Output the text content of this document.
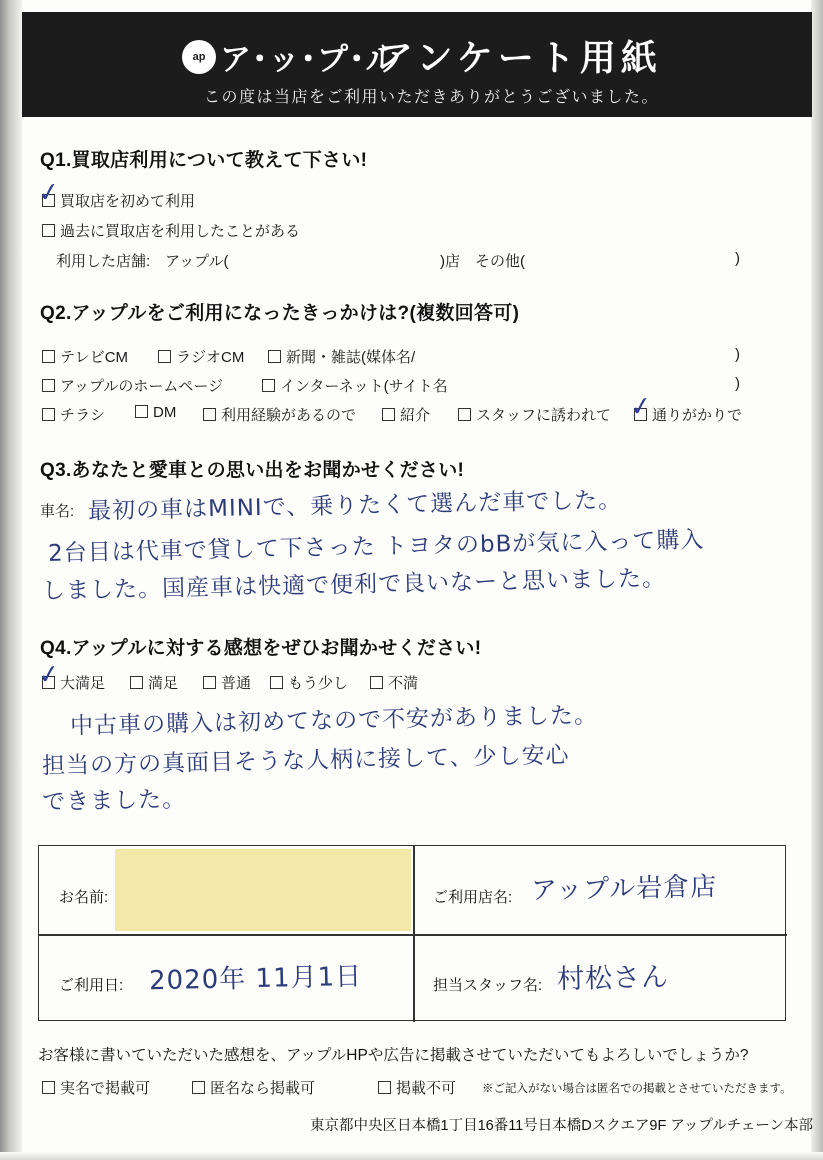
ap ア･ッ･プ･ル
アンケート用紙
この度は当店をご利用いただきありがとうございました。
Q1.買取店利用について教えて下さい!
買取店を初めて利用
✓
過去に買取店を利用したことがある
利用した店舗:　アップル(	)店　その他(	)
Q2.アップルをご利用になったきっかけは?(複数回答可)
テレビCM	ラジオCM	新聞・雑誌(媒体名/	)
アップルのホームページ	インターネット(サイト名	)
チラシ	DM	利用経験があるので	紹介	スタッフに誘われて	通りがかりで
✓
Q3.あなたと愛車との思い出をお聞かせください!
車名: 最初の車はMINIで、乗りたくて選んだ車でした。
2台目は代車で貸して下さった トヨタのbBが気に入って購入
しました。国産車は快適で便利で良いなーと思いました。
Q4.アップルに対する感想をぜひお聞かせください!
大満足
✓	満足	普通	もう少し	不満
中古車の購入は初めてなので不安がありました。
担当の方の真面目そうな人柄に接して、少し安心
できました。
お名前:	ご利用店名: アップル岩倉店
ご利用日: 2020年 11月1日	担当スタッフ名: 村松さん
お客様に書いていただいた感想を、アップルHPや広告に掲載させていただいてもよろしいでしょうか?
実名で掲載可	匿名なら掲載可	掲載不可 ※ご記入がない場合は匿名での掲載とさせていただきます。
東京都中央区日本橋1丁目16番11号日本橋Dスクエア9F アップルチェーン本部
